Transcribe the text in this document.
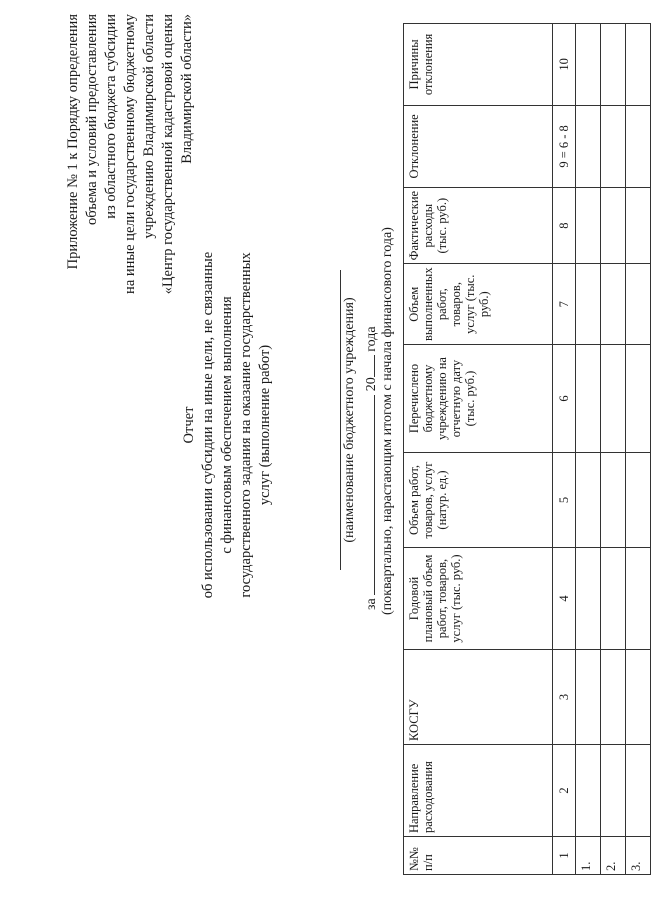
Приложение № 1 к Порядку определения объема и условий предоставления из областного бюджета субсидии на иные цели государственному бюджетному учреждению Владимирской области «Центр государственной кадастровой оценки Владимирской области»
Отчет об использовании субсидии на иные цели, не связанные с финансовым обеспечением выполнения государственного задания на оказание государственных услуг (выполнение работ)	(наименование бюджетного учреждения)
за  20 года (поквартально, нарастающим итогом с начала финансового года)
№№ п/п	Направление расходования	КОСГУ	Годовой плановый объем работ, товаров, услуг (тыс. руб.)	Объем работ, товаров, услуг (натур. ед.)	Перечислено бюджетному учреждению на отчетную дату (тыс. руб.)	Объем выполненных работ, товаров, услуг (тыс. руб.)	Фактические расходы (тыс. руб.)	Отклонение	Причины отклонения
1	2	3	4	5	6	7	8	9 = 6 - 8	10
1.									
2.									
3.									
